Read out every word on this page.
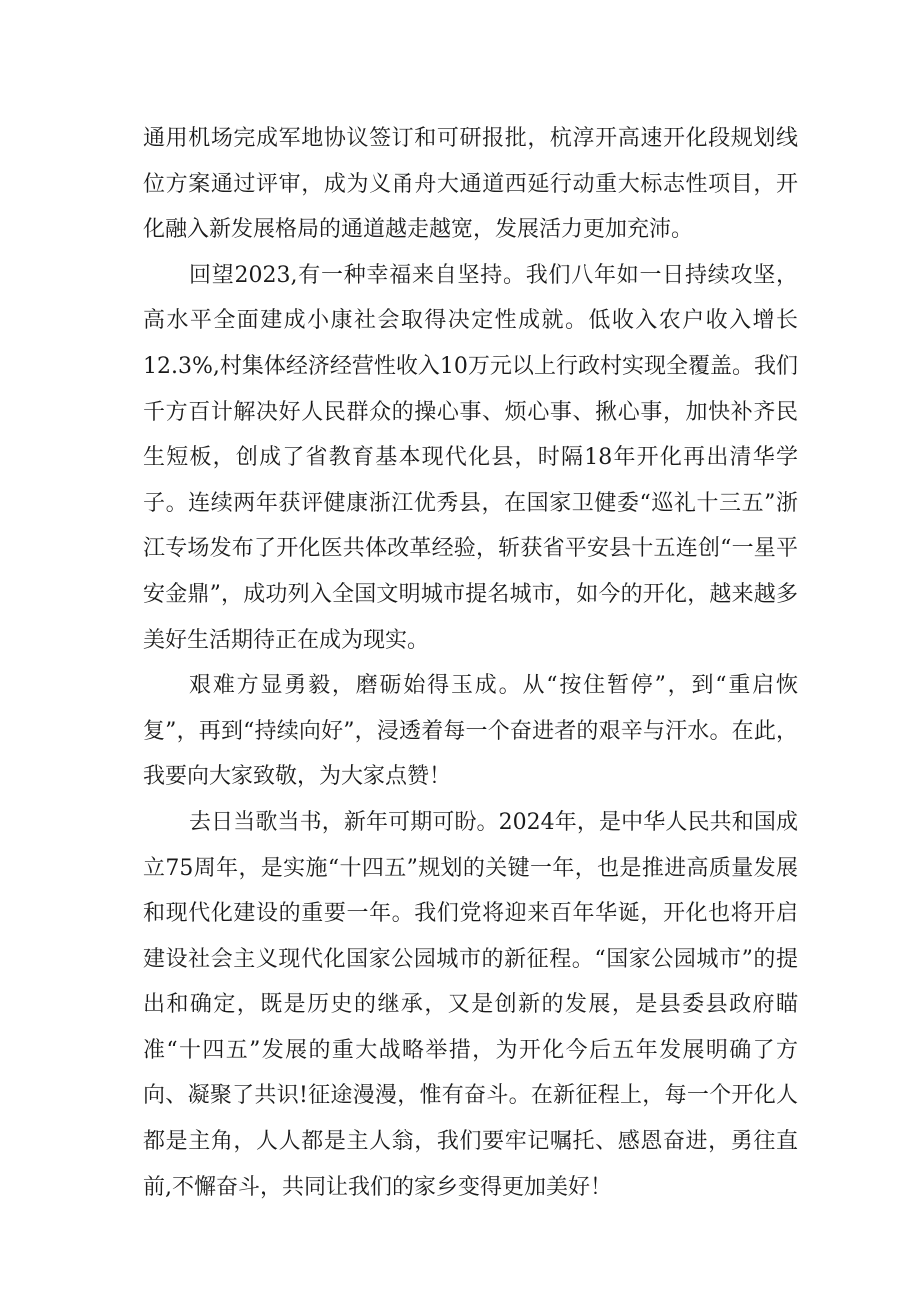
通用机场完成军地协议签订和可研报批，杭淳开高速开化段规划线位方案通过评审，成为义甬舟大通道西延行动重大标志性项目，开化融入新发展格局的通道越走越宽，发展活力更加充沛。

回望2023,有一种幸福来自坚持。我们八年如一日持续攻坚，高水平全面建成小康社会取得决定性成就。低收入农户收入增长12.3%,村集体经济经营性收入10万元以上行政村实现全覆盖。我们千方百计解决好人民群众的操心事、烦心事、揪心事，加快补齐民生短板，创成了省教育基本现代化县，时隔18年开化再出清华学子。连续两年获评健康浙江优秀县，在国家卫健委“巡礼十三五”浙江专场发布了开化医共体改革经验，斩获省平安县十五连创“一星平安金鼎”，成功列入全国文明城市提名城市，如今的开化，越来越多美好生活期待正在成为现实。

艰难方显勇毅，磨砺始得玉成。从“按住暂停”，到“重启恢复”，再到“持续向好”，浸透着每一个奋进者的艰辛与汗水。在此，我要向大家致敬，为大家点赞！

去日当歌当书，新年可期可盼。2024年，是中华人民共和国成立75周年，是实施“十四五”规划的关键一年，也是推进高质量发展和现代化建设的重要一年。我们党将迎来百年华诞，开化也将开启建设社会主义现代化国家公园城市的新征程。“国家公园城市”的提出和确定，既是历史的继承，又是创新的发展，是县委县政府瞄准“十四五”发展的重大战略举措，为开化今后五年发展明确了方向、凝聚了共识!征途漫漫，惟有奋斗。在新征程上，每一个开化人都是主角，人人都是主人翁，我们要牢记嘱托、感恩奋进，勇往直前,不懈奋斗，共同让我们的家乡变得更加美好！
